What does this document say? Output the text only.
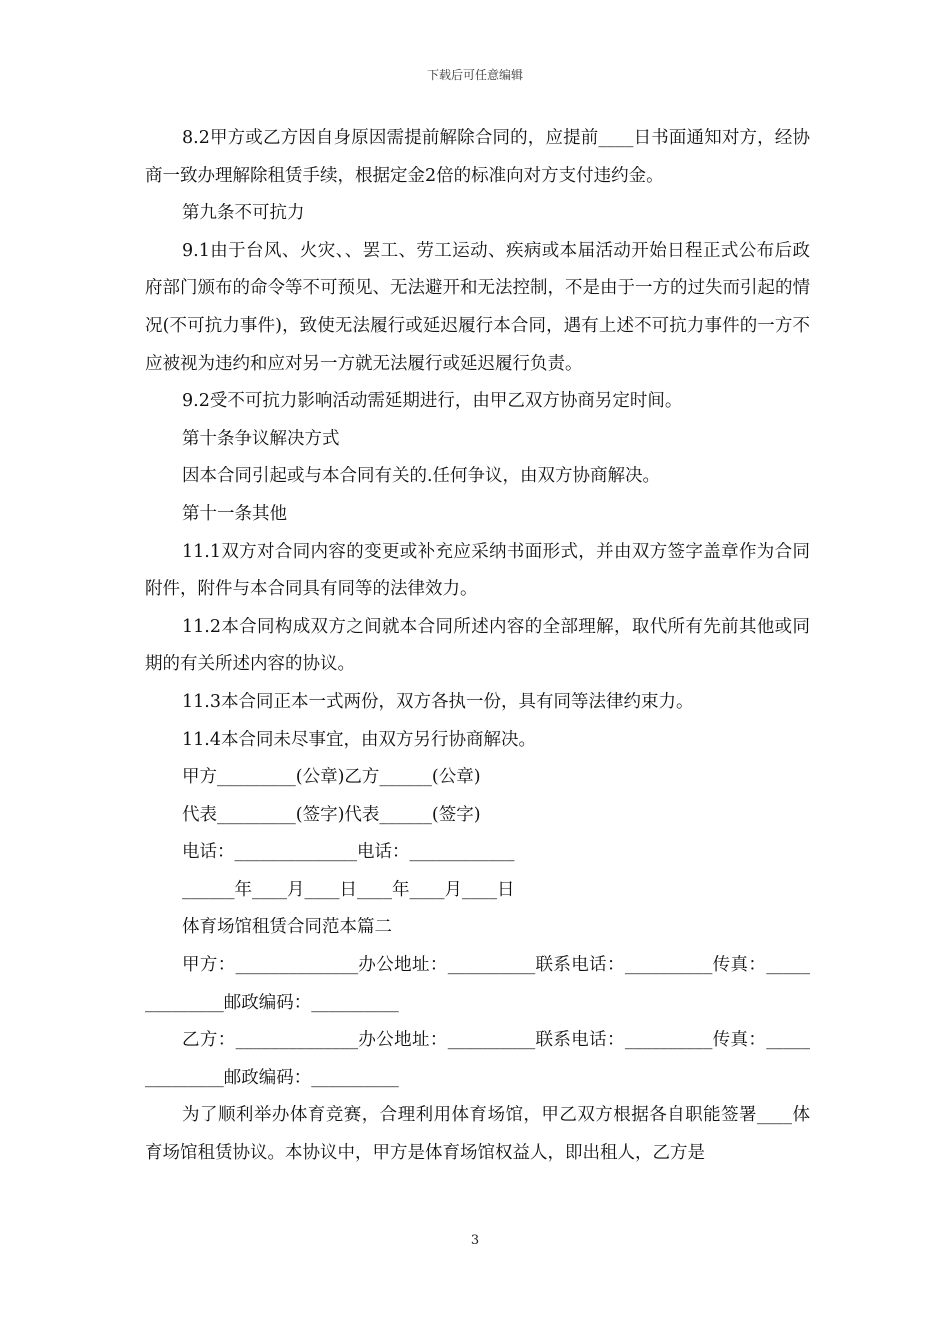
下载后可任意编辑

8.2甲方或乙方因自身原因需提前解除合同的，应提前____日书面通知对方，经协商一致办理解除租赁手续，根据定金2倍的标准向对方支付违约金。

第九条不可抗力

9.1由于台风、火灾、、罢工、劳工运动、疾病或本届活动开始日程正式公布后政府部门颁布的命令等不可预见、无法避开和无法控制，不是由于一方的过失而引起的情况(不可抗力事件)，致使无法履行或延迟履行本合同，遇有上述不可抗力事件的一方不应被视为违约和应对另一方就无法履行或延迟履行负责。

9.2受不可抗力影响活动需延期进行，由甲乙双方协商另定时间。

第十条争议解决方式

因本合同引起或与本合同有关的.任何争议，由双方协商解决。

第十一条其他

11.1双方对合同内容的变更或补充应采纳书面形式，并由双方签字盖章作为合同附件，附件与本合同具有同等的法律效力。

11.2本合同构成双方之间就本合同所述内容的全部理解，取代所有先前其他或同期的有关所述内容的协议。

11.3本合同正本一式两份，双方各执一份，具有同等法律约束力。

11.4本合同未尽事宜，由双方另行协商解决。

甲方_________(公章)乙方______(公章)

代表_________(签字)代表______(签字)

电话：______________电话：____________

______年____月____日____年____月____日

体育场馆租赁合同范本篇二

甲方：______________办公地址：__________联系电话：__________传真：______________邮政编码：__________

乙方：______________办公地址：__________联系电话：__________传真：______________邮政编码：__________

为了顺利举办体育竞赛，合理利用体育场馆，甲乙双方根据各自职能签署____体育场馆租赁协议。本协议中，甲方是体育场馆权益人，即出租人，乙方是

3
